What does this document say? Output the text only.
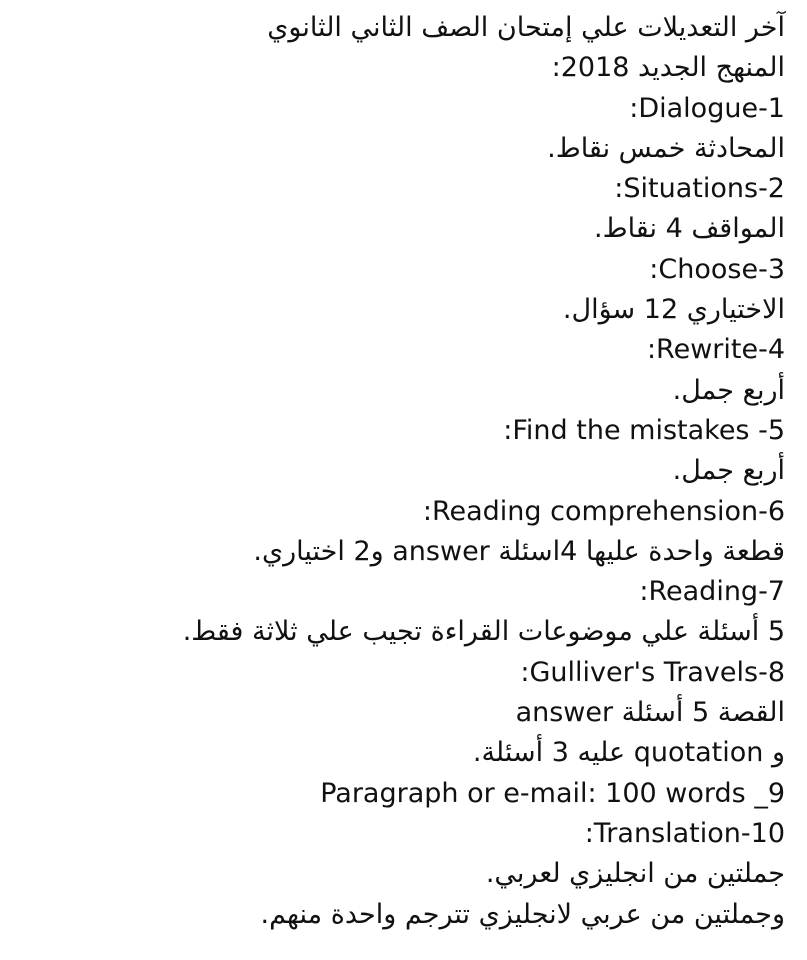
آخر التعديلات علي إمتحان الصف الثاني الثانوي
المنهج الجديد 2018:
:Dialogue-1
المحادثة خمس نقاط.
:Situations-2
المواقف 4 نقاط.
:Choose-3
الاختياري 12 سؤال.
:Rewrite-4
أربع جمل.
:Find the mistakes -5
أربع جمل.
:Reading comprehension-6
قطعة واحدة عليها 4اسئلة answer و2 اختياري.
:Reading-7
5 أسئلة علي موضوعات القراءة تجيب علي ثلاثة فقط.
:Gulliver's Travels-8
القصة 5 أسئلة answer
و quotation عليه 3 أسئلة.
Paragraph or e-mail: 100 words _9
:Translation-10
جملتين من انجليزي لعربي.
وجملتين من عربي لانجليزي تترجم واحدة منهم.
